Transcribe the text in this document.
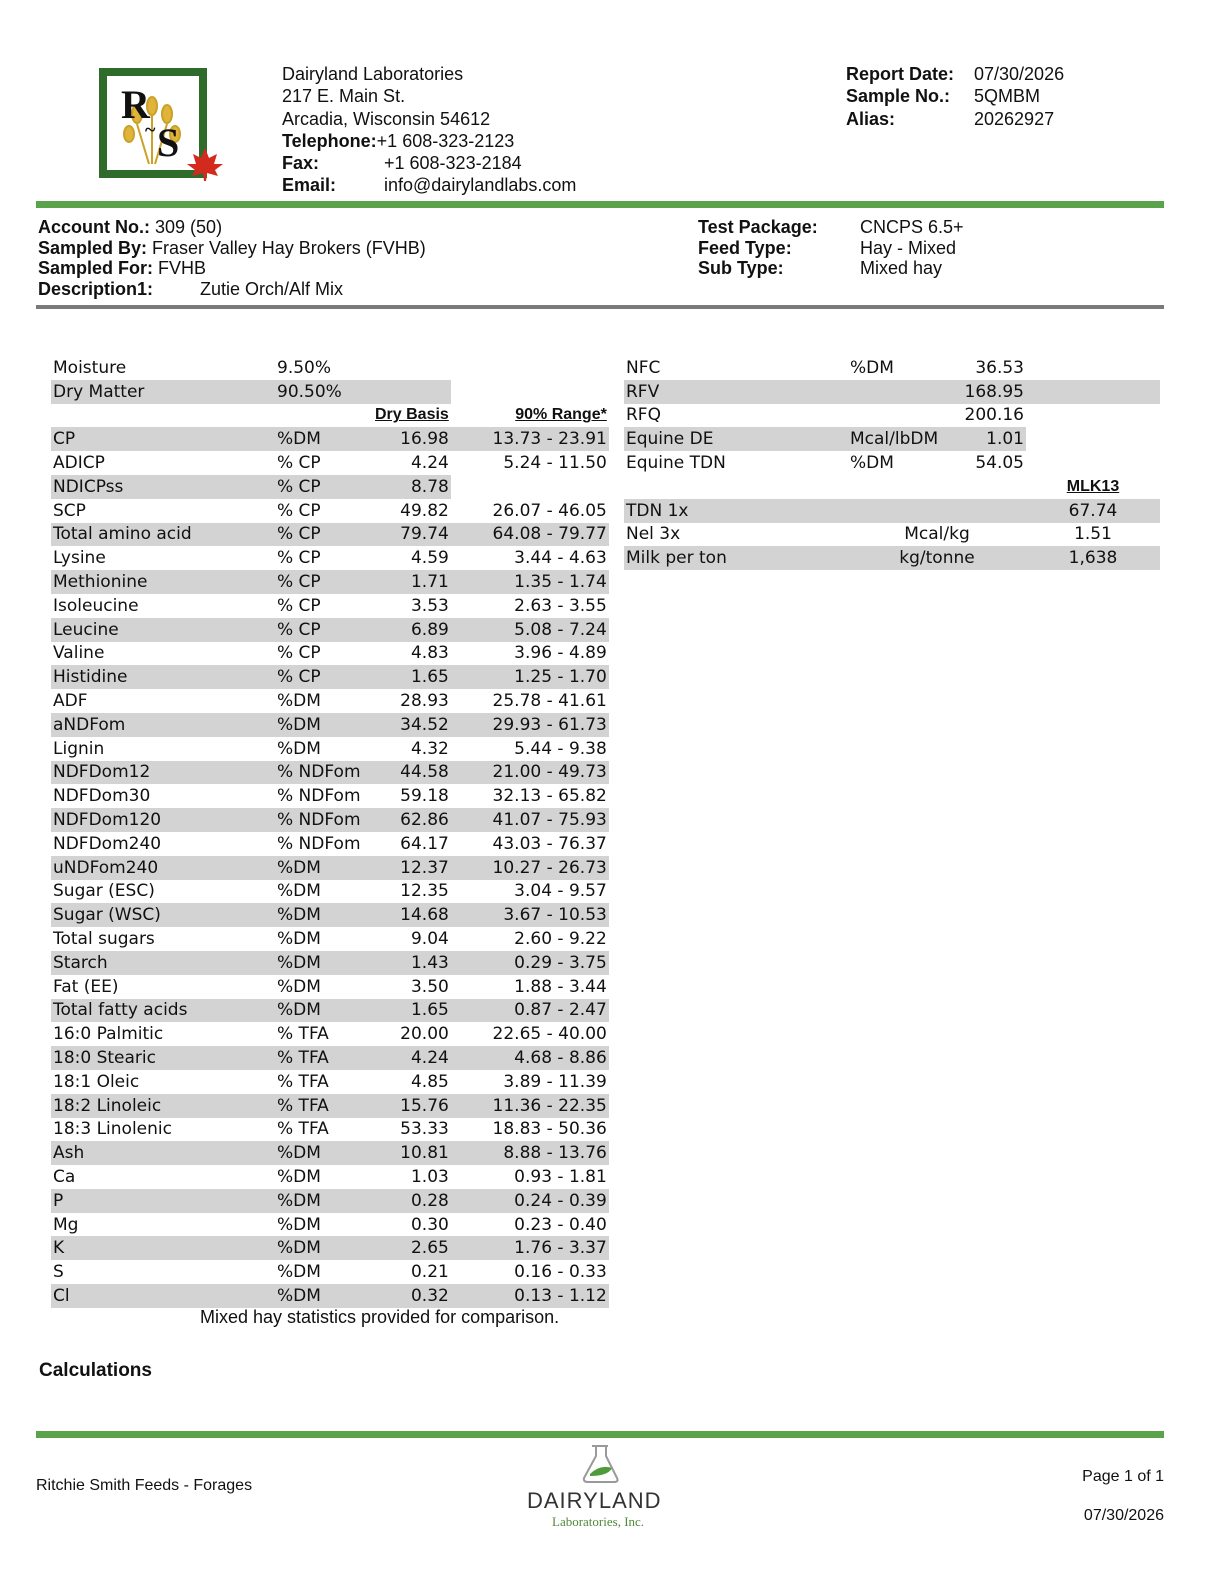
R
S
~
Dairyland Laboratories
217 E. Main St.
Arcadia, Wisconsin 54612
Telephone:+1 608-323-2123
Fax:	+1 608-323-2184
Email:	info@dairylandlabs.com
Report Date: 07/30/2026
Sample No.: 5QMBM
Alias:	20262927
Account No.: 309 (50)
Sampled By: Fraser Valley Hay Brokers (FVHB)
Sampled For: FVHB
Description1:	Zutie Orch/Alf Mix
Test Package: CNCPS 6.5+
Feed Type:	Hay - Mixed
Sub Type:	Mixed hay
Moisture	9.50%		
Dry Matter	90.50%		
		Dry Basis	90% Range*
CP	%DM	16.98	13.73 - 23.91
ADICP	% CP	4.24	5.24 - 11.50
NDICPss	% CP	8.78	
SCP	% CP	49.82	26.07 - 46.05
Total amino acid	% CP	79.74	64.08 - 79.77
Lysine	% CP	4.59	3.44 - 4.63
Methionine	% CP	1.71	1.35 - 1.74
Isoleucine	% CP	3.53	2.63 - 3.55
Leucine	% CP	6.89	5.08 - 7.24
Valine	% CP	4.83	3.96 - 4.89
Histidine	% CP	1.65	1.25 - 1.70
ADF	%DM	28.93	25.78 - 41.61
aNDFom	%DM	34.52	29.93 - 61.73
Lignin	%DM	4.32	5.44 - 9.38
NDFDom12	% NDFom	44.58	21.00 - 49.73
NDFDom30	% NDFom	59.18	32.13 - 65.82
NDFDom120	% NDFom	62.86	41.07 - 75.93
NDFDom240	% NDFom	64.17	43.03 - 76.37
uNDFom240	%DM	12.37	10.27 - 26.73
Sugar (ESC)	%DM	12.35	3.04 - 9.57
Sugar (WSC)	%DM	14.68	3.67 - 10.53
Total sugars	%DM	9.04	2.60 - 9.22
Starch	%DM	1.43	0.29 - 3.75
Fat (EE)	%DM	3.50	1.88 - 3.44
Total fatty acids	%DM	1.65	0.87 - 2.47
16:0 Palmitic	% TFA	20.00	22.65 - 40.00
18:0 Stearic	% TFA	4.24	4.68 - 8.86
18:1 Oleic	% TFA	4.85	3.89 - 11.39
18:2 Linoleic	% TFA	15.76	11.36 - 22.35
18:3 Linolenic	% TFA	53.33	18.83 - 50.36
Ash	%DM	10.81	8.88 - 13.76
Ca	%DM	1.03	0.93 - 1.81
P	%DM	0.28	0.24 - 0.39
Mg	%DM	0.30	0.23 - 0.40
K	%DM	2.65	1.76 - 3.37
S	%DM	0.21	0.16 - 0.33
Cl	%DM	0.32	0.13 - 1.12
Mixed hay statistics provided for comparison.
NFC	%DM	36.53	
RFV		168.95	
RFQ		200.16	
Equine DE	Mcal/lbDM	1.01	
Equine TDN	%DM	54.05	
			MLK13
TDN 1x			67.74
Nel 3x	Mcal/kg		1.51
Milk per ton	kg/tonne		1,638
Calculations
Ritchie Smith Feeds - Forages
DAIRYLAND
Laboratories, Inc.
Page 1 of 1
07/30/2026
